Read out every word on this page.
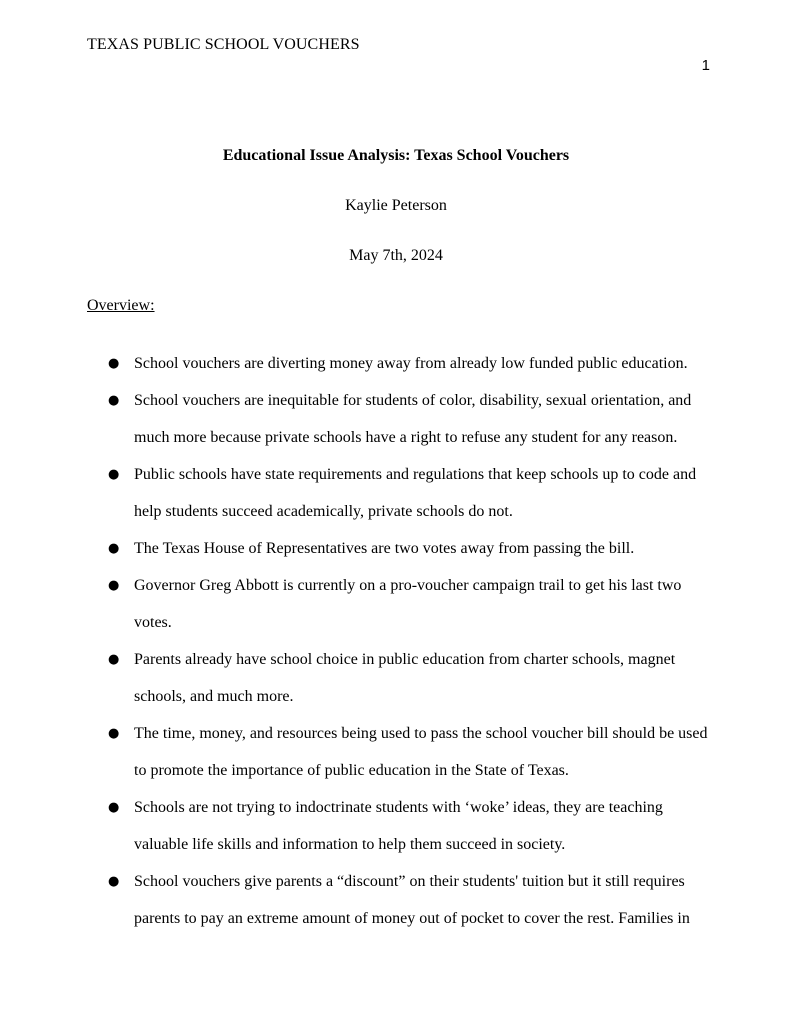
TEXAS PUBLIC SCHOOL VOUCHERS
1
Educational Issue Analysis: Texas School Vouchers
Kaylie Peterson
May 7th, 2024
Overview:
● School vouchers are diverting money away from already low funded public education.
● School vouchers are inequitable for students of color, disability, sexual orientation, and
much more because private schools have a right to refuse any student for any reason.
● Public schools have state requirements and regulations that keep schools up to code and
help students succeed academically, private schools do not.
● The Texas House of Representatives are two votes away from passing the bill.
● Governor Greg Abbott is currently on a pro-voucher campaign trail to get his last two
votes.
● Parents already have school choice in public education from charter schools, magnet
schools, and much more.
● The time, money, and resources being used to pass the school voucher bill should be used
to promote the importance of public education in the State of Texas.
● Schools are not trying to indoctrinate students with ‘woke’ ideas, they are teaching
valuable life skills and information to help them succeed in society.
● School vouchers give parents a “discount” on their students' tuition but it still requires
parents to pay an extreme amount of money out of pocket to cover the rest. Families in
